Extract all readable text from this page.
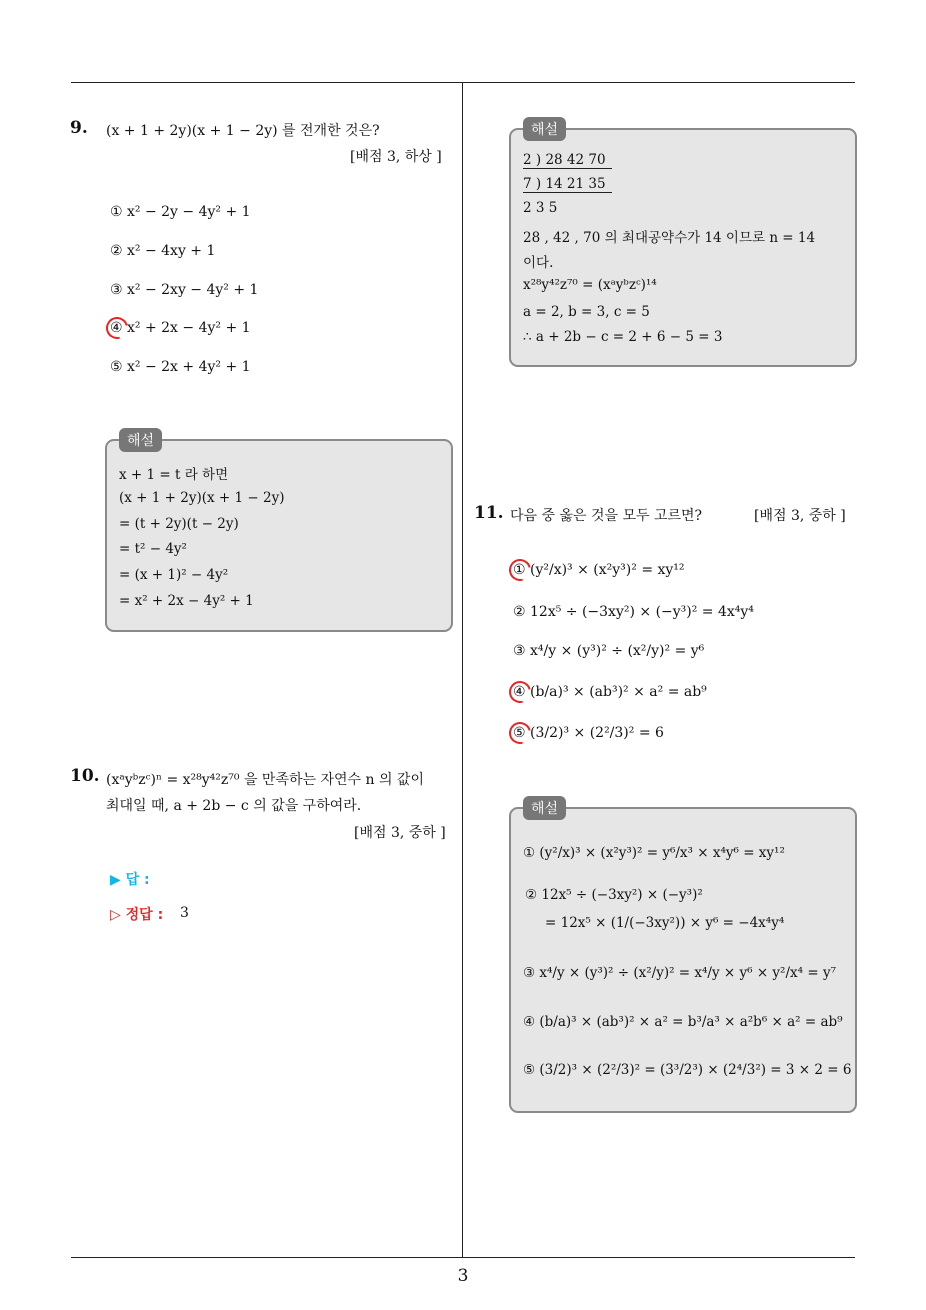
3
9. (x + 1 + 2y)(x + 1 − 2y) 를 전개한 것은?
[배점 3, 하상 ]
① x² − 2y − 4y² + 1
② x² − 4xy + 1
③ x² − 2xy − 4y² + 1
④ x² + 2x − 4y² + 1
⑤ x² − 2x + 4y² + 1
해설
x + 1 = t 라 하면
(x + 1 + 2y)(x + 1 − 2y)
= (t + 2y)(t − 2y)
= t² − 4y²
= (x + 1)² − 4y²
= x² + 2x − 4y² + 1
10. (xᵃyᵇzᶜ)ⁿ = x²⁸y⁴²z⁷⁰ 을 만족하는 자연수 n 의 값이
최대일 때, a + 2b − c 의 값을 구하여라.
[배점 3, 중하 ]
▶ 답 :
▷ 정답 : 3
해설
2 ) 28 42 70
7 ) 14 21 35
2 3 5
28 , 42 , 70 의 최대공약수가 14 이므로 n = 14
이다.
x²⁸y⁴²z⁷⁰ = (xᵃyᵇzᶜ)¹⁴
a = 2, b = 3, c = 5
∴ a + 2b − c = 2 + 6 − 5 = 3
11. 다음 중 옳은 것을 모두 고르면?	[배점 3, 중하 ]
① (y²/x)³ × (x²y³)² = xy¹²
② 12x⁵ ÷ (−3xy²) × (−y³)² = 4x⁴y⁴
③ x⁴/y × (y³)² ÷ (x²/y)² = y⁶
④ (b/a)³ × (ab³)² × a² = ab⁹
⑤ (3/2)³ × (2²/3)² = 6
해설
① (y²/x)³ × (x²y³)² = y⁶/x³ × x⁴y⁶ = xy¹²
② 12x⁵ ÷ (−3xy²) × (−y³)²
= 12x⁵ × (1/(−3xy²)) × y⁶ = −4x⁴y⁴
③ x⁴/y × (y³)² ÷ (x²/y)² = x⁴/y × y⁶ × y²/x⁴ = y⁷
④ (b/a)³ × (ab³)² × a² = b³/a³ × a²b⁶ × a² = ab⁹
⑤ (3/2)³ × (2²/3)² = (3³/2³) × (2⁴/3²) = 3 × 2 = 6
